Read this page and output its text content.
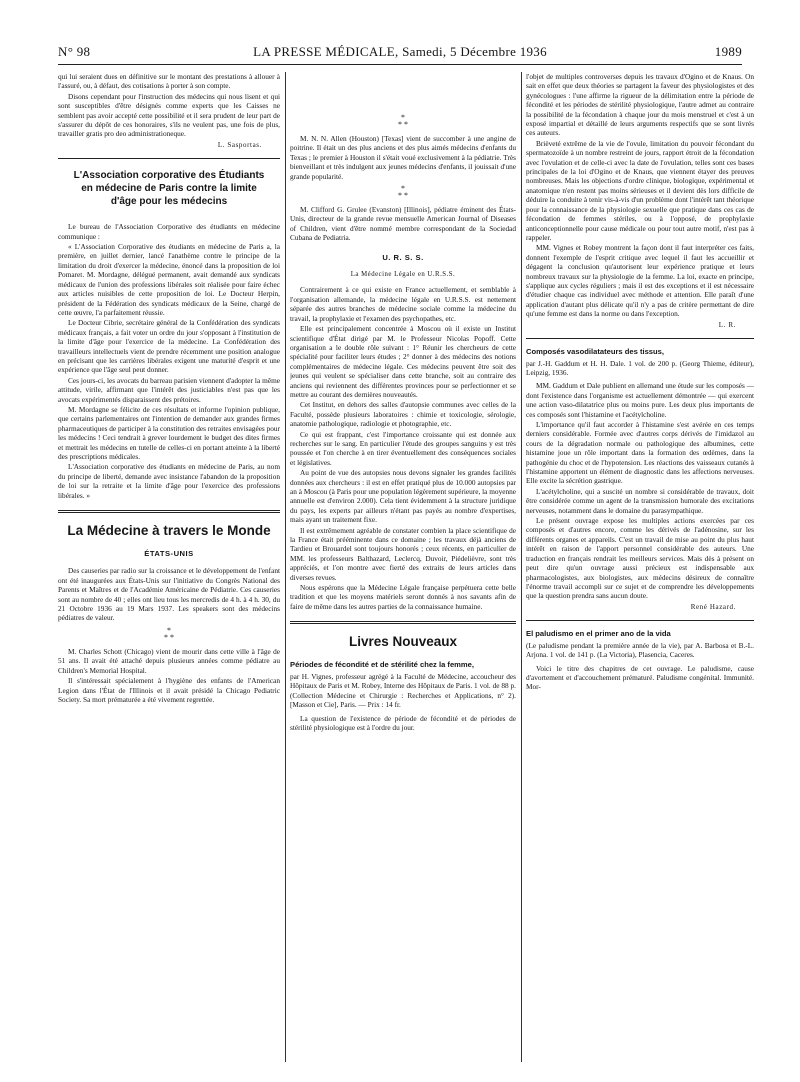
N° 98	LA PRESSE MÉDICALE, Samedi, 5 Décembre 1936	1989

qui lui seraient dues en définitive sur le montant des prestations à allouer à l'assuré, ou, à défaut, des cotisations à porter à son compte.

Disons cependant pour l'instruction des médecins qui nous lisent et qui sont susceptibles d'être désignés comme experts que les Caisses ne semblent pas avoir accepté cette possibilité et il sera prudent de leur part de s'assurer du dépôt de ces honoraires, s'ils ne veulent pas, une fois de plus, travailler gratis pro deo administrationeque.

L. Sasportas.
L'Association corporative des Étudiants en médecine de Paris contre la limite d'âge pour les médecins

Le bureau de l'Association Corporative des étudiants en médecine communique :

« L'Association Corporative des étudiants en médecine de Paris a, la première, en juillet dernier, lancé l'anathème contre le principe de la limitation du droit d'exercer la médecine, énoncé dans la proposition de loi Pomaret. M. Mordagne, délégué permanent, avait demandé aux syndicats médicaux de l'union des professions libérales soit réalisée pour faire échec aux articles nuisibles de cette proposition de loi. Le Docteur Herpin, président de la Fédération des syndicats médicaux de la Seine, chargé de cette œuvre, l'a parfaitement réussie.

Le Docteur Cibrie, secrétaire général de la Confédération des syndicats médicaux français, a fait voter un ordre du jour s'opposant à l'institution de la limite d'âge pour l'exercice de la médecine. La Confédération des travailleurs intellectuels vient de prendre récemment une position analogue en précisant que les carrières libérales exigent une maturité d'esprit et une expérience que l'âge seul peut donner.

Ces jours-ci, les avocats du barreau parisien viennent d'adopter la même attitude, virile, affirmant que l'intérêt des justiciables n'est pas que les avocats expérimentés disparaissent des prétoires.

M. Mordagne se félicite de ces résultats et informe l'opinion publique, que certains parlementaires ont l'intention de demander aux grandes firmes pharmaceutiques de participer à la constitution des retraites envisagées pour les médecins ! Ceci tendrait à grever lourdement le budget des dites firmes et mettrait les médecins en tutelle de celles-ci en portant atteinte à la liberté des prescriptions médicales.

L'Association corporative des étudiants en médecine de Paris, au nom du principe de liberté, demande avec insistance l'abandon de la proposition de loi sur la retraite et la limite d'âge pour l'exercice des professions libérales. »

La Médecine à travers le Monde
ÉTATS-UNIS

Des causeries par radio sur la croissance et le développement de l'enfant ont été inaugurées aux États-Unis sur l'initiative du Congrès National des Parents et Maîtres et de l'Académie Américaine de Pédiatrie. Ces causeries sont au nombre de 40 ; elles ont lieu tous les mercredis de 4 h. à 4 h. 30, du 21 Octobre 1936 au 19 Mars 1937. Les speakers sont des médecins pédiatres de valeur.

*
* *

M. Charles Schott (Chicago) vient de mourir dans cette ville à l'âge de 51 ans. Il avait été attaché depuis plusieurs années comme pédiatre au Children's Memorial Hospital.

Il s'intéressait spécialement à l'hygiène des enfants de l'American Legion dans l'État de l'Illinois et il avait présidé la Chicago Pediatric Society. Sa mort prématurée a été vivement regrettée.

*
* *

M. N. N. Allen (Houston) [Texas] vient de succomber à une angine de poitrine. Il était un des plus anciens et des plus aimés médecins d'enfants du Texas ; le premier à Houston il s'était voué exclusivement à la pédiatrie. Très bienveillant et très indulgent aux jeunes médecins d'enfants, il jouissait d'une grande popularité.

*
* *

M. Clifford G. Grulee (Evanston) [Illinois], pédiatre éminent des États-Unis, directeur de la grande revue mensuelle American Journal of Diseases of Children, vient d'être nommé membre correspondant de la Sociedad Cubana de Pediatria.

U. R. S. S.
La Médecine Légale en U.R.S.S.

Contrairement à ce qui existe en France actuellement, et semblable à l'organisation allemande, la médecine légale en U.R.S.S. est nettement séparée des autres branches de médecine sociale comme la médecine du travail, la prophylaxie et l'examen des psychopathes, etc.

Elle est principalement concentrée à Moscou où il existe un Institut scientifique d'État dirigé par M. le Professeur Nicolas Popoff. Cette organisation a le double rôle suivant : 1° Réunir les chercheurs de cette spécialité pour faciliter leurs études ; 2° donner à des médecins des notions complémentaires de médecine légale. Ces médecins peuvent être soit des jeunes qui veulent se spécialiser dans cette branche, soit au contraire des anciens qui reviennent des différentes provinces pour se perfectionner et se mettre au courant des dernières nouveautés.

Cet Institut, en dehors des salles d'autopsie communes avec celles de la Faculté, possède plusieurs laboratoires : chimie et toxicologie, sérologie, anatomie pathologique, radiologie et photographie, etc.

Ce qui est frappant, c'est l'importance croissante qui est donnée aux recherches sur le sang. En particulier l'étude des groupes sanguins y est très poussée et l'on cherche à en tirer éventuellement des conséquences sociales et législatives.

Au point de vue des autopsies nous devons signaler les grandes facilités données aux chercheurs : il est en effet pratiqué plus de 10.000 autopsies par an à Moscou (à Paris pour une population légèrement supérieure, la moyenne annuelle est d'environ 2.000). Cela tient évidemment à la structure juridique du pays, les experts par ailleurs n'étant pas payés au nombre d'expertises, mais ayant un traitement fixe.

Il est extrêmement agréable de constater combien la place scientifique de la France était prééminente dans ce domaine ; les travaux déjà anciens de Tardieu et Brouardel sont toujours honorés ; ceux récents, en particulier de MM. les professeurs Balthazard, Leclercq, Duvoir, Piédelièvre, sont très appréciés, et l'on montre avec fierté des extraits de leurs articles dans diverses revues.

Nous espérons que la Médecine Légale française perpétuera cette belle tradition et que les moyens matériels seront donnés à nos savants afin de faire de même dans les autres parties de la connaissance humaine.

Livres Nouveaux
Périodes de fécondité et de stérilité chez la femme,
par H. Vignes, professeur agrégé à la Faculté de Médecine, accoucheur des Hôpitaux de Paris et M. Robey, Interne des Hôpitaux de Paris. 1 vol. de 88 p. (Collection Médecine et Chirurgie : Recherches et Applications, n° 2). [Masson et Cie], Paris. — Prix : 14 fr.

La question de l'existence de période de fécondité et de périodes de stérilité physiologique est à l'ordre du jour.

l'objet de multiples controverses depuis les travaux d'Ogino et de Knaus. On sait en effet que deux théories se partagent la faveur des physiologistes et des gynécologues : l'une affirme la rigueur de la délimitation entre la période de fécondité et les périodes de stérilité physiologique, l'autre admet au contraire la possibilité de la fécondation à chaque jour du mois menstruel et c'est à un exposé impartial et détaillé de leurs arguments respectifs que se sont livrés ces auteurs.

Brièveté extrême de la vie de l'ovule, limitation du pouvoir fécondant du spermatozoïde à un nombre restreint de jours, rapport étroit de la fécondation avec l'ovulation et de celle-ci avec la date de l'ovulation, telles sont ces bases principales de la loi d'Ogino et de Knaus, que viennent étayer des preuves nombreuses. Mais les objections d'ordre clinique, biologique, expérimental et anatomique n'en restent pas moins sérieuses et il devient dès lors difficile de déduire la conduite à tenir vis-à-vis d'un problème dont l'intérêt tant théorique pour la connaissance de la physiologie sexuelle que pratique dans ces cas de fécondation de femmes stériles, ou à l'opposé, de prophylaxie anticonceptionnelle pour cause médicale ou pour tout autre motif, n'est pas à rappeler.

MM. Vignes et Robey montrent la façon dont il faut interpréter ces faits, donnent l'exemple de l'esprit critique avec lequel il faut les accueillir et dégagent la conclusion qu'autorisent leur expérience pratique et leurs nombreux travaux sur la physiologie de la femme. La loi, exacte en principe, s'applique aux cycles réguliers ; mais il est des exceptions et il est nécessaire d'étudier chaque cas individuel avec méthode et attention. Elle paraît d'une application d'autant plus délicate qu'il n'y a pas de critère permettant de dire qu'une femme est dans la norme ou dans l'exception.

L. R.
Composés vasodilatateurs des tissus,
par J.-H. Gaddum et H. H. Dale. 1 vol. de 200 p. (Georg Thieme, éditeur), Leipzig, 1936.

MM. Gaddum et Dale publient en allemand une étude sur les composés — dont l'existence dans l'organisme est actuellement démontrée — qui exercent une action vaso-dilatatrice plus ou moins pure. Les deux plus importants de ces composés sont l'histamine et l'acétylcholine.

L'importance qu'il faut accorder à l'histamine s'est avérée en ces temps derniers considérable. Formée avec d'autres corps dérivés de l'imidazol au cours de la dégradation normale ou pathologique des albumines, cette histamine joue un rôle important dans la formation des œdèmes, dans la pathogénie du choc et de l'hypotension. Les réactions des vaisseaux cutanés à l'histamine apportent un élément de diagnostic dans les affections nerveuses. Elle excite la sécrétion gastrique.

L'acétylcholine, qui a suscité un nombre si considérable de travaux, doit être considérée comme un agent de la transmission humorale des excitations nerveuses, notamment dans le domaine du parasympathique.

Le présent ouvrage expose les multiples actions exercées par ces composés et d'autres encore, comme les dérivés de l'adénosine, sur les différents organes et appareils. C'est un travail de mise au point du plus haut intérêt en raison de l'apport personnel considérable des auteurs. Une traduction en français rendrait les meilleurs services. Mais dès à présent on peut dire qu'un ouvrage aussi précieux est indispensable aux pharmacologistes, aux biologistes, aux médecins désireux de connaître l'énorme travail accompli sur ce sujet et de comprendre les développements que la question prendra sans aucun doute.

René Hazard.
El paludismo en el primer ano de la vida
(Le paludisme pendant la première année de la vie), par A. Barbosa et B.-L. Arjona. 1 vol. de 141 p. (La Victoria), Plasencia, Caceres.

Voici le titre des chapitres de cet ouvrage. Le paludisme, cause d'avortement et d'accouchement prématuré. Paludisme congénital. Immunité. Mor-
